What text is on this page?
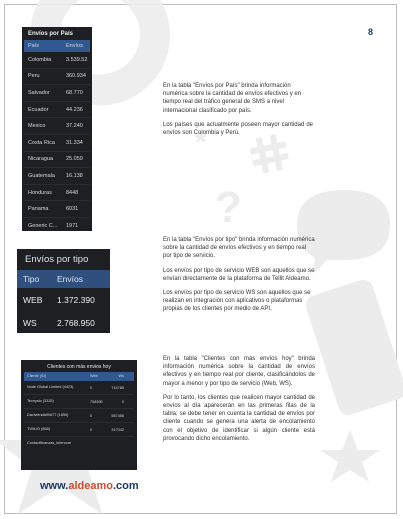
?
*
8
Envíos por País
País	Envíos
Colombia	3.539.52
Peru	360.934
Salvador	68.770
Ecuador	44.236
Mexico	37.240
Costa Rica	31.334
Nicaragua	25.059
Guatemala	16.138
Honduras	8448
Panama	6031
Generic C...	1971
Envíos por tipo
Tipo	Envíos
WEB	1.372.390
WS	2.768.950
Clientes con más envios hoy
Cliente (ID)	Web	Ws
Node Global Limited (4423)	0	714785
Tecnysio (3333)	708395	0
Davivienda90677 (1655)	0	557456
TWILIO (868)	0	317042
Contactfinanzas_intercom

En la tabla "Envíos por País" brinda información numérica sobre la cantidad de envíos efectivos y en tiempo real del tráfico general de SMS a nivel internacional clasificado por país.

Los países que actualmente poseen mayor cantidad de envíos son Colombia y Perú.

En la tabla "Envíos por tipo" brinda información numérica sobre la cantidad de envíos efectivos y en tiempo real por tipo de servicio.

Los envíos por tipo de servicio WEB son aquellos que se envían directamente de la plataforma de Tellit Aldeamo.

Los envíos por tipo de servicio WS son aquellos que se realizan en integración con aplicativos o plataformas propias de los clientes por medio de API.

En la tabla "Clientes con más envíos hoy" brinda información numérica sobre la cantidad de envíos efectivos y en tiempo real por cliente, clasificándolos de mayor a menor y por tipo de servicio (Web, WS).

Por lo tanto, los clientes que realicen mayor cantidad de envíos al día aparecerán en las primeras filas de la tabla; se debe tener en cuenta la cantidad de envíos por cliente cuando se genera una alerta de encolamiento con el objetivo de identificar si algún cliente está provocando dicho encolamiento.

www.aldeamo.com
